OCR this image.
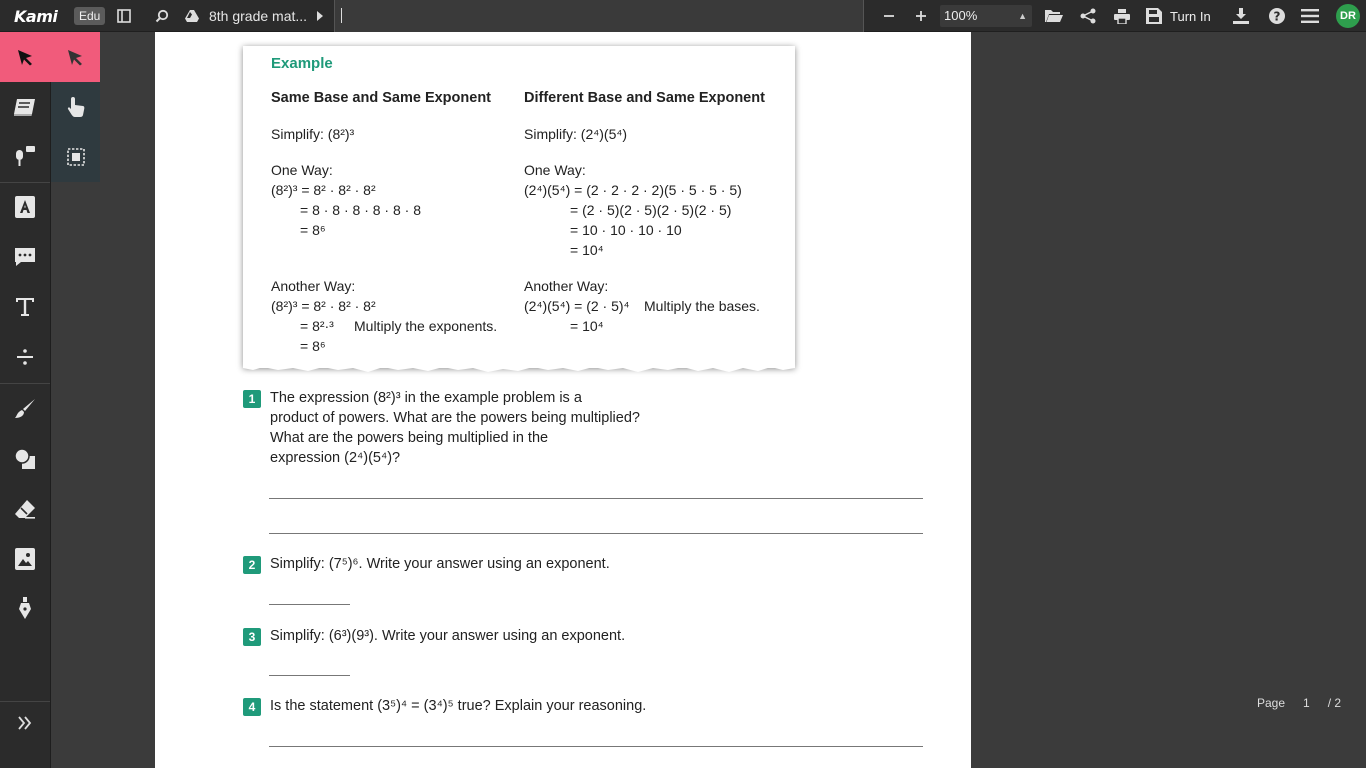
Kami	Edu	8th grade mat...	100%	▲	Turn In	?	DR
Example
Same Base and Same Exponent
Simplify: (8²)³
One Way:
(8²)³ = 8² · 8² · 8²
= 8 · 8 · 8 · 8 · 8 · 8
= 8⁶
Another Way:
(8²)³ = 8² · 8² · 8²
= 8²·³ Multiply the exponents.
= 8⁶
Different Base and Same Exponent
Simplify: (2⁴)(5⁴)
One Way:
(2⁴)(5⁴) = (2 · 2 · 2 · 2)(5 · 5 · 5 · 5)
= (2 · 5)(2 · 5)(2 · 5)(2 · 5)
= 10 · 10 · 10 · 10
= 10⁴
Another Way:
(2⁴)(5⁴) = (2 · 5)⁴ Multiply the bases.
= 10⁴
1	The expression (8²)³ in the example problem is a
product of powers. What are the powers being multiplied?
What are the powers being multiplied in the
expression (2⁴)(5⁴)?
2	Simplify: (7⁵)⁶. Write your answer using an exponent.
3	Simplify: (6³)(9³). Write your answer using an exponent.
4	Is the statement (3⁵)⁴ = (3⁴)⁵ true? Explain your reasoning.	Page 1 / 2
